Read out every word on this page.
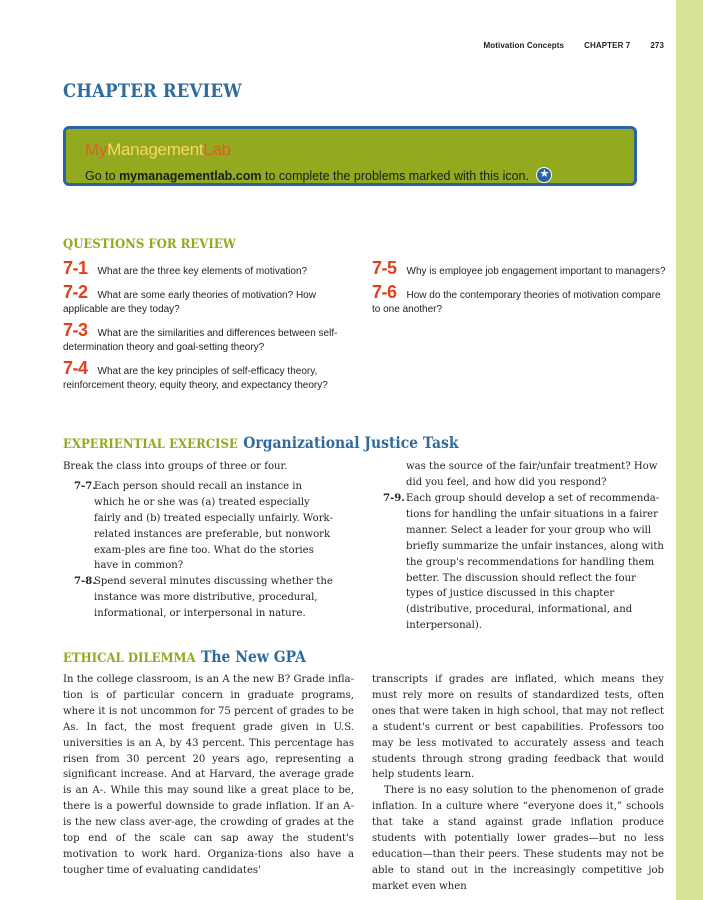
Motivation Concepts	CHAPTER 7	273
CHAPTER REVIEW
MyManagementLab
Go to mymanagementlab.com to complete the problems marked with this icon. ★
QUESTIONS FOR REVIEW
7-1 What are the three key elements of motivation?
7-2 What are some early theories of motivation? How applicable are they today?
7-3 What are the similarities and differences between self-determination theory and goal-setting theory?
7-4 What are the key principles of self-efficacy theory, reinforcement theory, equity theory, and expectancy theory?
7-5 Why is employee job engagement important to managers?
7-6 How do the contemporary theories of motivation compare to one another?
EXPERIENTIAL EXERCISE Organizational Justice Task
Break the class into groups of three or four.
7-7.
Each person should recall an instance in which he or she was (a) treated especially fairly and (b) treated especially unfairly. Work-related instances are preferable, but nonwork exam-ples are fine too. What do the stories have in common?
7-8.
Spend several minutes discussing whether the instance was more distributive, procedural, informational, or interpersonal in nature.
was the source of the fair/unfair treatment? How did you feel, and how did you respond?
7-9. Each group should develop a set of recommenda-tions for handling the unfair situations in a fairer manner. Select a leader for your group who will briefly summarize the unfair instances, along with the group's recommendations for handling them better. The discussion should reflect the four types of justice discussed in this chapter (distributive, procedural, informational, and interpersonal).
ETHICAL DILEMMA The New GPA
In the college classroom, is an A the new B? Grade infla-tion is of particular concern in graduate programs, where it is not uncommon for 75 percent of grades to be As. In fact, the most frequent grade given in U.S. universities is an A, by 43 percent. This percentage has risen from 30 percent 20 years ago, representing a significant increase. And at Harvard, the average grade is an A-. While this may sound like a great place to be, there is a powerful downside to grade inflation. If an A- is the new class aver-age, the crowding of grades at the top end of the scale can sap away the student's motivation to work hard. Organiza-tions also have a tougher time of evaluating candidates'
transcripts if grades are inflated, which means they must rely more on results of standardized tests, often ones that were taken in high school, that may not reflect a student's current or best capabilities. Professors too may be less motivated to accurately assess and teach students through strong grading feedback that would help students learn.
There is no easy solution to the phenomenon of grade inflation. In a culture where “everyone does it,” schools that take a stand against grade inflation produce students with potentially lower grades—but no less education—than their peers. These students may not be able to stand out in the increasingly competitive job market even when
